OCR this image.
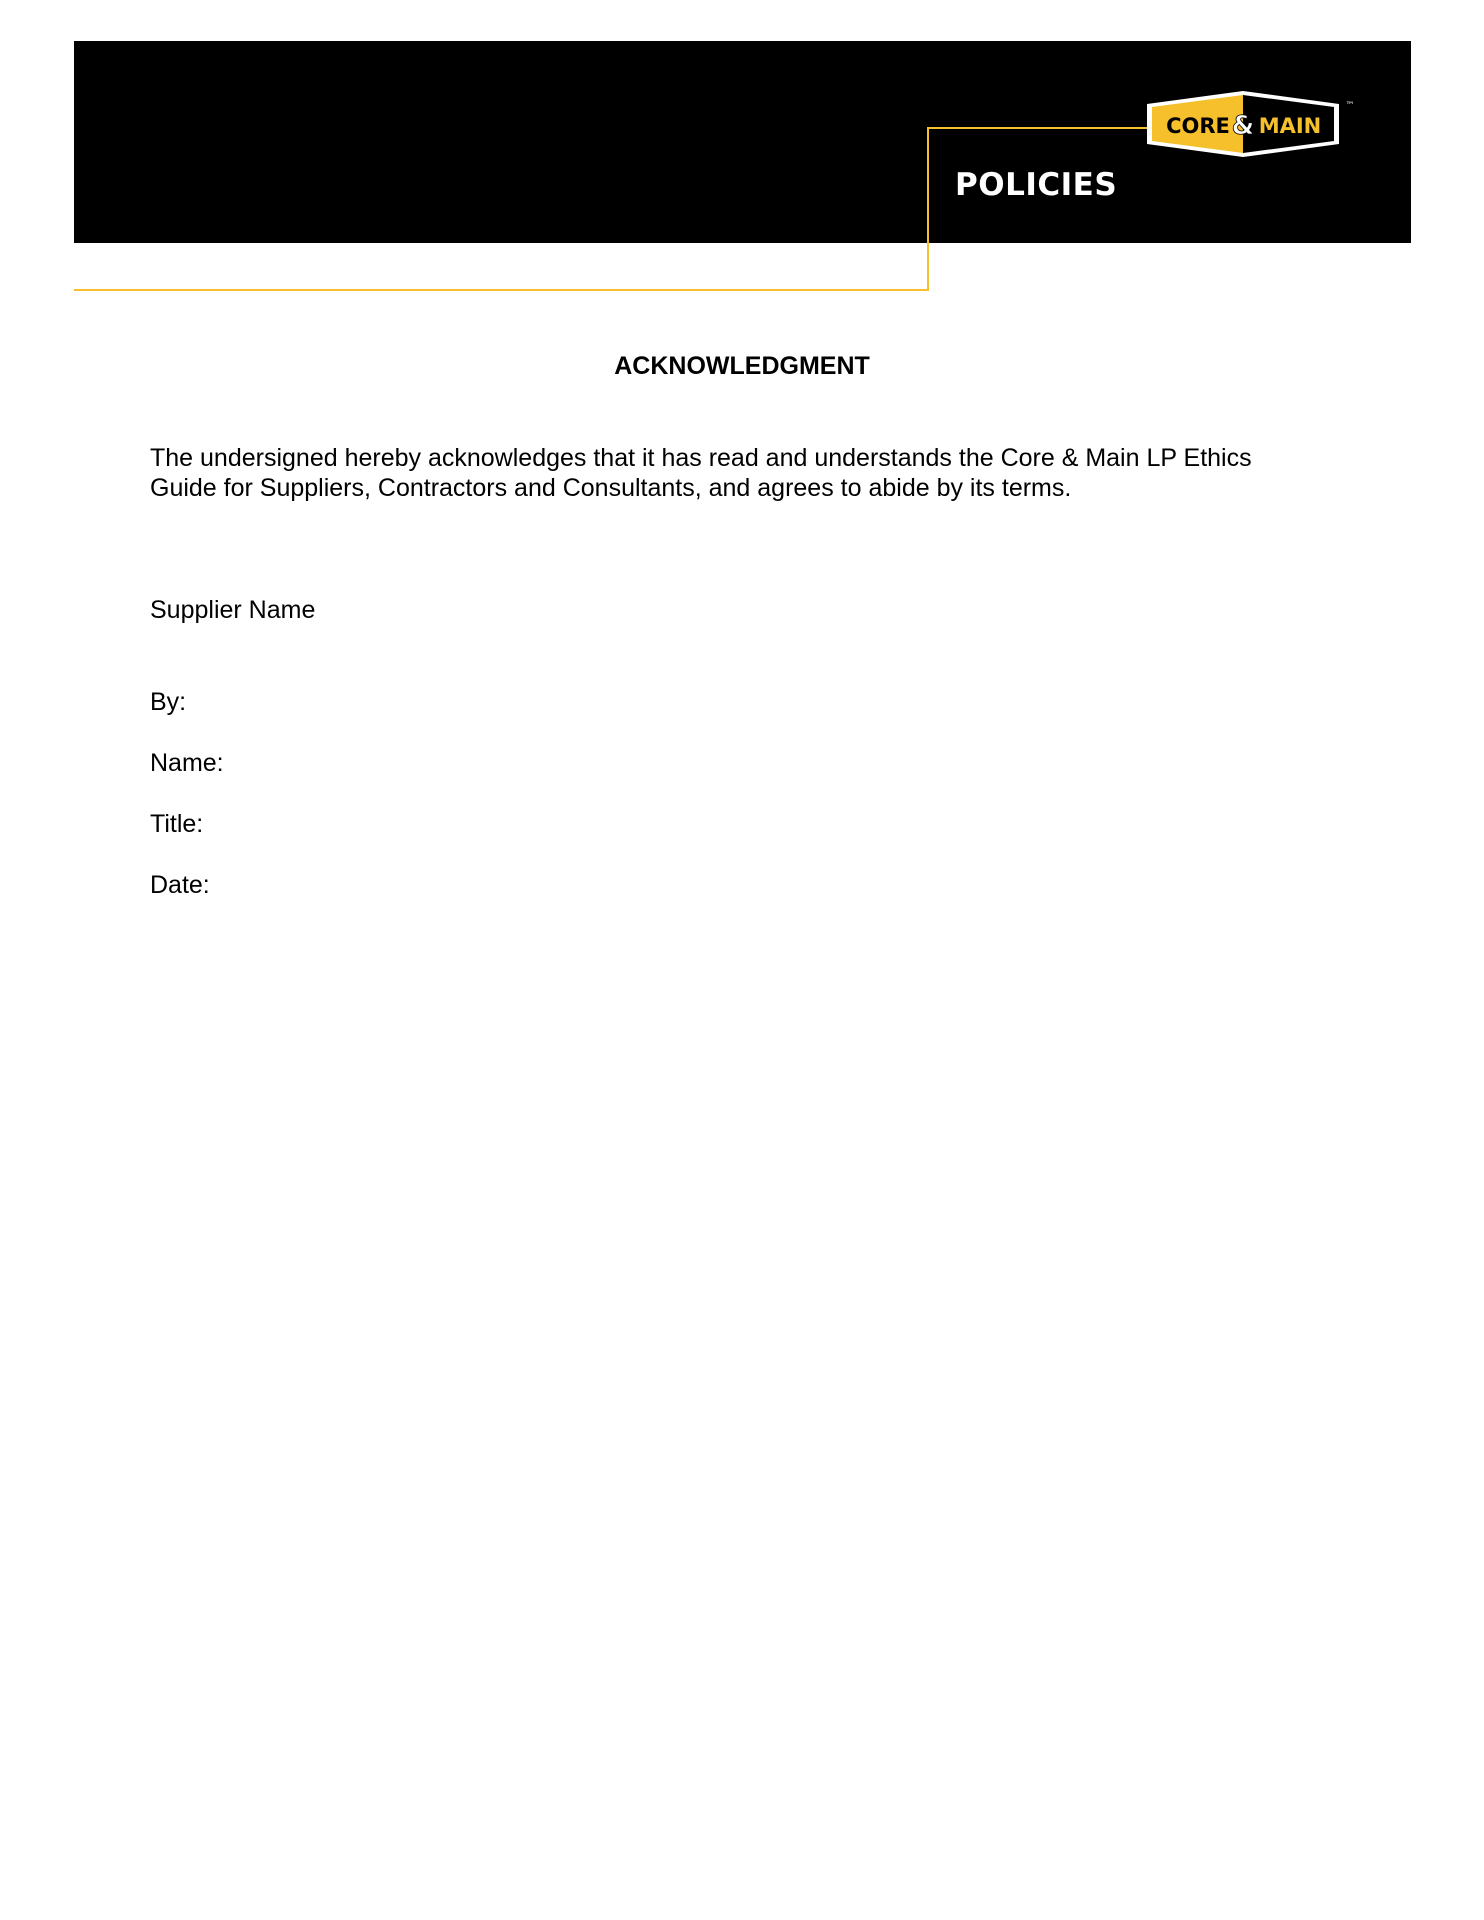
CORE & MAIN
™
POLICIES
ACKNOWLEDGMENT

The undersigned hereby acknowledges that it has read and understands the Core & Main LP Ethics Guide for Suppliers, Contractors and Consultants, and agrees to abide by its terms.

Supplier Name

By:

Name:

Title:

Date:
